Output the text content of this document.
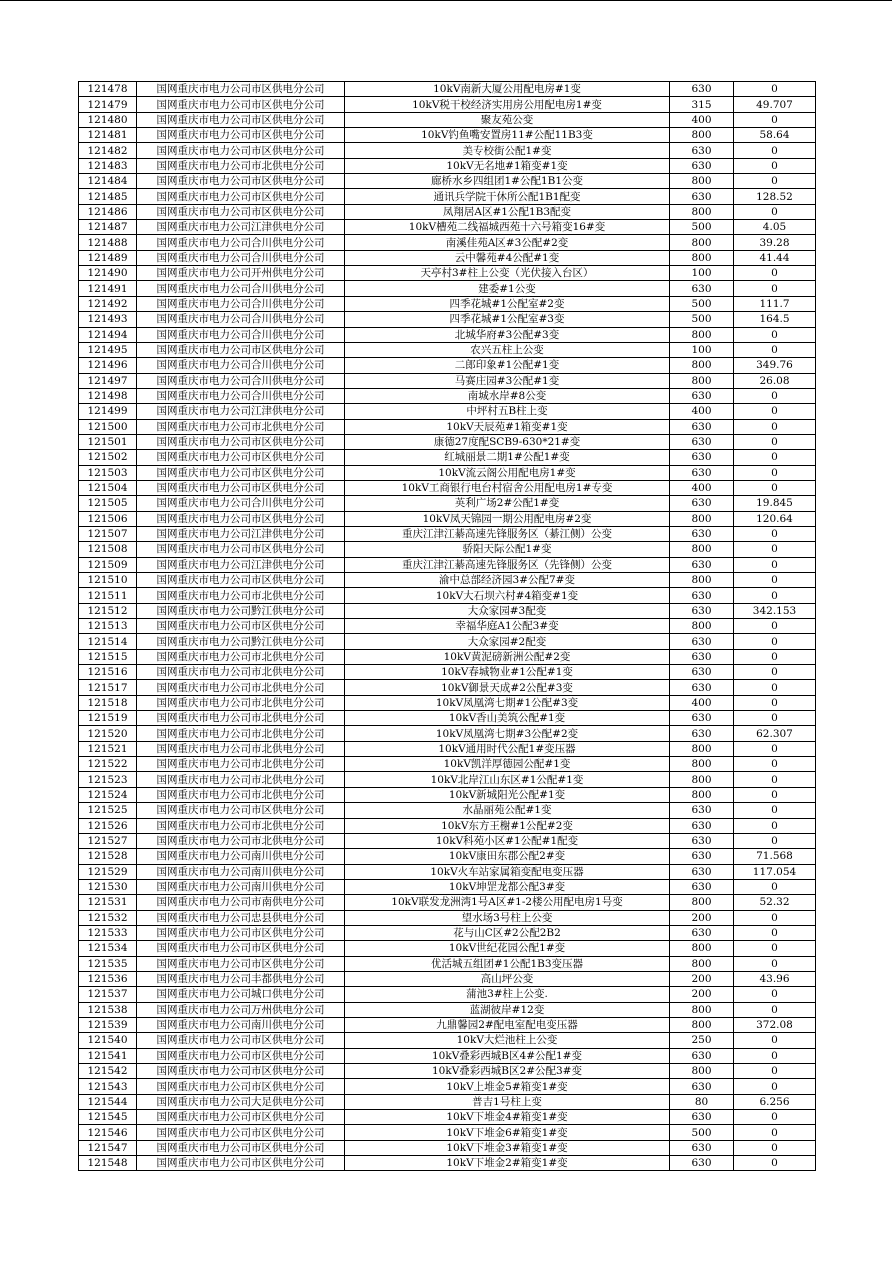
121478	国网重庆市电力公司市区供电分公司	10kV南新大厦公用配电房#1变	630	0
121479	国网重庆市电力公司市区供电分公司	10kV税干校经济实用房公用配电房1#变	315	49.707
121480	国网重庆市电力公司市区供电分公司	聚友苑公变	400	0
121481	国网重庆市电力公司市区供电分公司	10kV钓鱼嘴安置房11#公配11B3变	800	58.64
121482	国网重庆市电力公司市区供电分公司	美专校街公配1#变	630	0
121483	国网重庆市电力公司市北供电分公司	10kV无名地#1箱变#1变	630	0
121484	国网重庆市电力公司市区供电分公司	廊桥水乡四组团1#公配1B1公变	800	0
121485	国网重庆市电力公司市区供电分公司	通讯兵学院干休所公配1B1配变	630	128.52
121486	国网重庆市电力公司市区供电分公司	凤翔居A区#1公配1B3配变	800	0
121487	国网重庆市电力公司江津供电分公司	10kV槽苑二线福城西苑十六号箱变16#变	500	4.05
121488	国网重庆市电力公司合川供电分公司	南溪佳苑A区#3公配#2变	800	39.28
121489	国网重庆市电力公司合川供电分公司	云中馨苑#4公配#1变	800	41.44
121490	国网重庆市电力公司开州供电分公司	天亭村3#柱上公变（光伏接入台区）	100	0
121491	国网重庆市电力公司合川供电分公司	建委#1公变	630	0
121492	国网重庆市电力公司合川供电分公司	四季花城#1公配室#2变	500	111.7
121493	国网重庆市电力公司合川供电分公司	四季花城#1公配室#3变	500	164.5
121494	国网重庆市电力公司合川供电分公司	北城华府#3公配#3变	800	0
121495	国网重庆市电力公司市区供电分公司	农兴五柱上公变	100	0
121496	国网重庆市电力公司合川供电分公司	二郎印象#1公配#1变	800	349.76
121497	国网重庆市电力公司合川供电分公司	马赛庄园#3公配#1变	800	26.08
121498	国网重庆市电力公司合川供电分公司	南城水岸#8公变	630	0
121499	国网重庆市电力公司江津供电分公司	中坪村五B柱上变	400	0
121500	国网重庆市电力公司市北供电分公司	10kV天辰苑#1箱变#1变	630	0
121501	国网重庆市电力公司市区供电分公司	康德27度配SCB9-630*21#变	630	0
121502	国网重庆市电力公司市区供电分公司	红城丽景二期1#公配1#变	630	0
121503	国网重庆市电力公司市区供电分公司	10kV流云阁公用配电房1#变	630	0
121504	国网重庆市电力公司市区供电分公司	10kV工商银行电台村宿舍公用配电房1#专变	400	0
121505	国网重庆市电力公司合川供电分公司	英利广场2#公配1#变	630	19.845
121506	国网重庆市电力公司市区供电分公司	10kV凤天锦园一期公用配电房#2变	800	120.64
121507	国网重庆市电力公司江津供电分公司	重庆江津江綦高速先锋服务区（綦江侧）公变	630	0
121508	国网重庆市电力公司市区供电分公司	骄阳天际公配1#变	800	0
121509	国网重庆市电力公司江津供电分公司	重庆江津江綦高速先锋服务区（先锋侧）公变	630	0
121510	国网重庆市电力公司市区供电分公司	渝中总部经济园3#公配7#变	800	0
121511	国网重庆市电力公司市北供电分公司	10kV大石坝六村#4箱变#1变	630	0
121512	国网重庆市电力公司黔江供电分公司	大众家园#3配变	630	342.153
121513	国网重庆市电力公司市区供电分公司	幸福华庭A1公配3#变	800	0
121514	国网重庆市电力公司黔江供电分公司	大众家园#2配变	630	0
121515	国网重庆市电力公司市北供电分公司	10kV黄泥磅新洲公配#2变	630	0
121516	国网重庆市电力公司市北供电分公司	10kV春城物业#1公配#1变	630	0
121517	国网重庆市电力公司市北供电分公司	10kV御景天成#2公配#3变	630	0
121518	国网重庆市电力公司市北供电分公司	10kV凤凰湾七期#1公配#3变	400	0
121519	国网重庆市电力公司市北供电分公司	10kV香山美筑公配#1变	630	0
121520	国网重庆市电力公司市北供电分公司	10kV凤凰湾七期#3公配#2变	630	62.307
121521	国网重庆市电力公司市北供电分公司	10kV通用时代公配1#变压器	800	0
121522	国网重庆市电力公司市北供电分公司	10kV凯洋厚德园公配#1变	800	0
121523	国网重庆市电力公司市北供电分公司	10kV北岸江山东区#1公配#1变	800	0
121524	国网重庆市电力公司市北供电分公司	10kV新城阳光公配#1变	800	0
121525	国网重庆市电力公司市区供电分公司	水晶丽苑公配#1变	630	0
121526	国网重庆市电力公司市北供电分公司	10kV东方王榭#1公配#2变	630	0
121527	国网重庆市电力公司市北供电分公司	10kV科苑小区#1公配#1配变	630	0
121528	国网重庆市电力公司南川供电分公司	10kV康田东郡公配2#变	630	71.568
121529	国网重庆市电力公司南川供电分公司	10kV火车站家属箱变配电变压器	630	117.054
121530	国网重庆市电力公司南川供电分公司	10kV坤罡龙都公配3#变	630	0
121531	国网重庆市电力公司市南供电分公司	10kV联发龙洲湾1号A区#1-2楼公用配电房1号变	800	52.32
121532	国网重庆市电力公司忠县供电分公司	望水场3号柱上公变	200	0
121533	国网重庆市电力公司市区供电分公司	花与山C区#2公配2B2	630	0
121534	国网重庆市电力公司市区供电分公司	10kV世纪花园公配1#变	800	0
121535	国网重庆市电力公司市区供电分公司	优活城五组团#1公配1B3变压器	800	0
121536	国网重庆市电力公司丰都供电分公司	高山坪公变	200	43.96
121537	国网重庆市电力公司城口供电分公司	蒲池3#柱上公变.	200	0
121538	国网重庆市电力公司万州供电分公司	蓝湖彼岸#12变	800	0
121539	国网重庆市电力公司南川供电分公司	九鼎馨园2#配电室配电变压器	800	372.08
121540	国网重庆市电力公司市区供电分公司	10kV大烂池柱上公变	250	0
121541	国网重庆市电力公司市区供电分公司	10kV叠彩西城B区4#公配1#变	630	0
121542	国网重庆市电力公司市区供电分公司	10kV叠彩西城B区2#公配3#变	800	0
121543	国网重庆市电力公司市区供电分公司	10kV上堆金5#箱变1#变	630	0
121544	国网重庆市电力公司大足供电分公司	普吉1号柱上变	80	6.256
121545	国网重庆市电力公司市区供电分公司	10kV下堆金4#箱变1#变	630	0
121546	国网重庆市电力公司市区供电分公司	10kV下堆金6#箱变1#变	500	0
121547	国网重庆市电力公司市区供电分公司	10kV下堆金3#箱变1#变	630	0
121548	国网重庆市电力公司市区供电分公司	10kV下堆金2#箱变1#变	630	0
